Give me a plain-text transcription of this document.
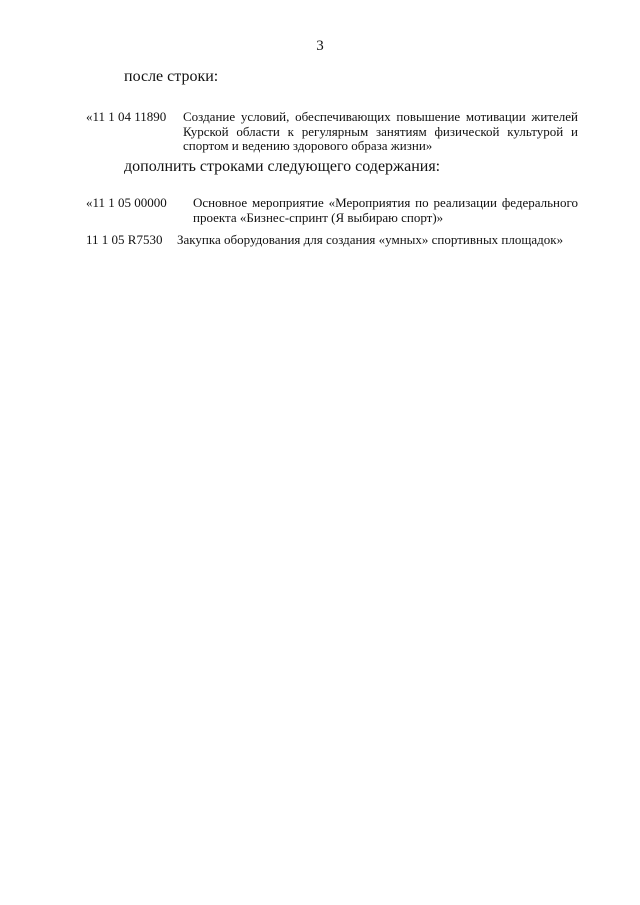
3
после строки:
«11 1 04 11890 Создание условий, обеспечивающих повышение мотивации жителей Курской области к регулярным занятиям физической культурой и спортом и ведению здорового образа жизни»
дополнить строками следующего содержания:
«11 1 05 00000 Основное мероприятие «Мероприятия по реализации федерального проекта «Бизнес-спринт (Я выбираю спорт)»
11 1 05 R7530 Закупка оборудования для создания «умных» спортивных площадок»
